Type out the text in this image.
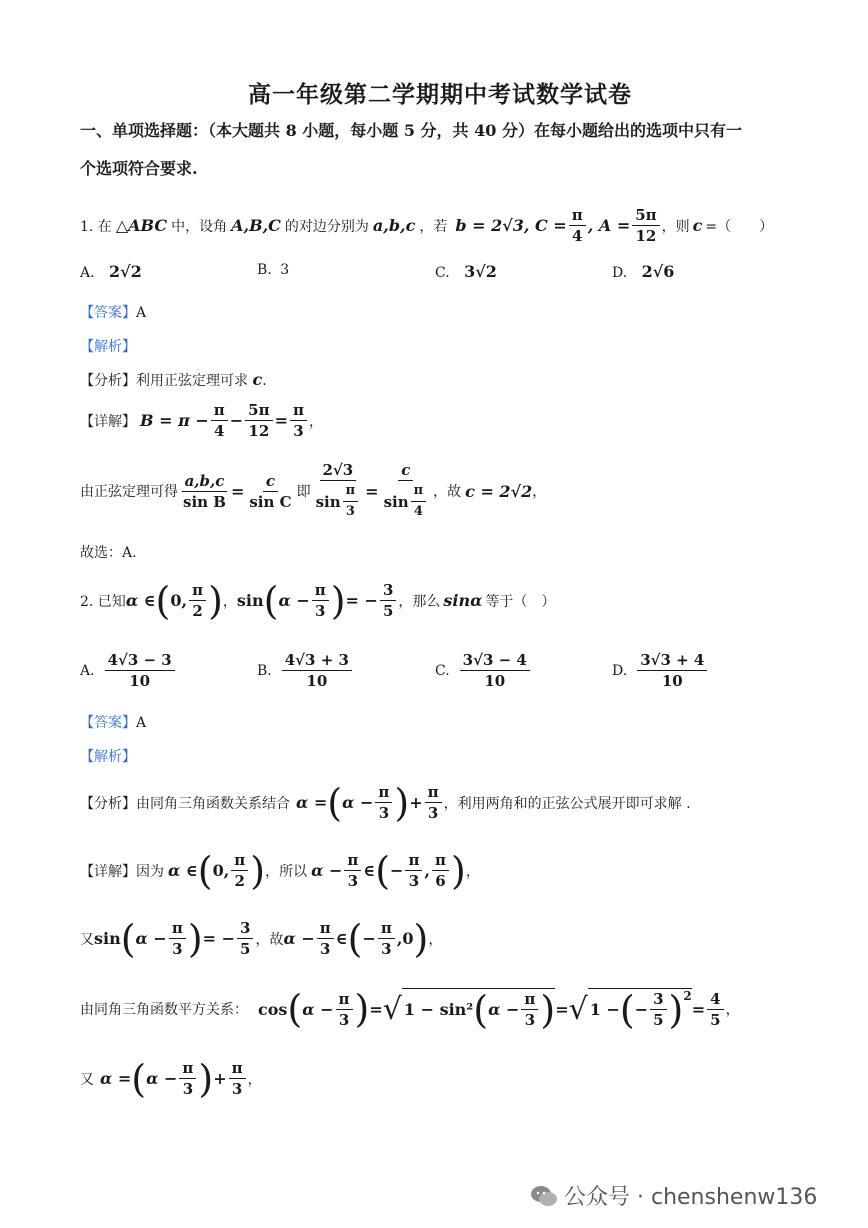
高一年级第二学期期中考试数学试卷
一、单项选择题：（本大题共 8 小题，每小题 5 分，共 40 分）在每小题给出的选项中只有一
个选项符合要求.
1. 在 △ABC 中，设角 A,B,C 的对边分别为 a,b,c ，若 b = 2√3, $C = \frac{\pi}{4}$ , $A = \frac{5\pi}{12}$ ，则 c =（　　）
A. 2√2	B. 3	C. 3√2	D. 2√6
【答案】A
【解析】
【分析】利用正弦定理可求 c.
【详解】 $B = \pi - \frac{\pi}{4} - \frac{5\pi}{12} = \frac{\pi}{3}$ ，
由正弦定理可得 $\frac{a,b,c}{\text{sin B}} = \frac{c}{\text{sin C}}$ 即 $\frac{2√3}{\sin \frac{\pi}{3}} = \frac{c}{\sin \frac{\pi}{4}}$ ，故 c = 2√2 ，
故选：A.
2. 已知 α ∈ ( 0, $\frac{\pi}{2}$ ) ， sin ( $\alpha - \frac{\pi}{3}$ ) = − $\frac{3}{5}$ ，那么 sinα 等于（　）
A. $\frac{4√3 - 3}{10}$	B. $\frac{4√3 + 3}{10}$	C. $\frac{3√3 - 4}{10}$	D. $\frac{3√3 + 4}{10}$
【答案】A
【解析】
【分析】 由同角三角函数关系结合 α = ( $\alpha - \frac{\pi}{3}$ ) + $\frac{\pi}{3}$ ，利用两角和的正弦公式展开即可求解 .
【详解】 因为 α ∈ ( 0, $\frac{\pi}{2}$ ) ，所以 $\alpha - \frac{\pi}{3}$ ∈ ( − $\frac{\pi}{3}$ , $\frac{\pi}{6}$ ) ，
又 sin ( $\alpha - \frac{\pi}{3}$ ) = − $\frac{3}{5}$ ，故 $\alpha - \frac{\pi}{3}$ ∈ ( − $\frac{\pi}{3} ,0$ ) ，
由同角三角函数平方关系： cos ( $\alpha - \frac{\pi}{3}$ ) = √ 1 − sin² ( $\alpha - \frac{\pi}{3}$ ) = √ 1 − ( − $\frac{3}{5}$ ) 2
= $\frac{4}{5}$ ，
又 α = ( $\alpha - \frac{\pi}{3}$ ) + $\frac{\pi}{3}$ ，
公众号 · chenshenw136
